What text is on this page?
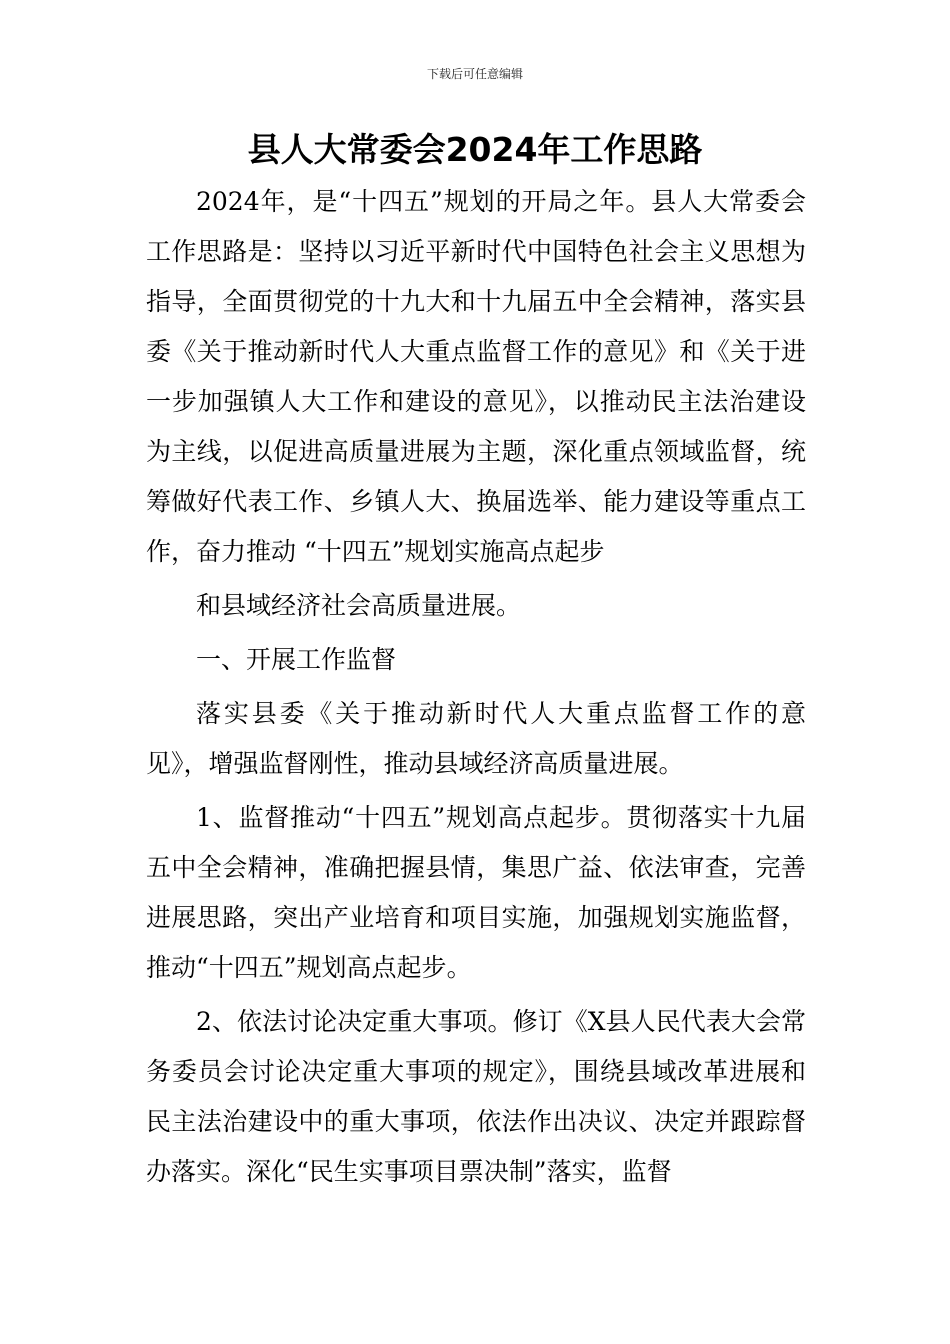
下载后可任意编辑
县人大常委会2024年工作思路

2024年，是“十四五”规划的开局之年。县人大常委会工作思路是：坚持以习近平新时代中国特色社会主义思想为指导，全面贯彻党的十九大和十九届五中全会精神，落实县委《关于推动新时代人大重点监督工作的意见》和《关于进一步加强镇人大工作和建设的意见》，以推动民主法治建设为主线，以促进高质量进展为主题，深化重点领域监督，统筹做好代表工作、乡镇人大、换届选举、能力建设等重点工作，奋力推动 “十四五”规划实施高点起步

和县域经济社会高质量进展。

一、开展工作监督

落实县委《关于推动新时代人大重点监督工作的意见》，增强监督刚性，推动县域经济高质量进展。

1、监督推动“十四五”规划高点起步。贯彻落实十九届五中全会精神，准确把握县情，集思广益、依法审查，完善进展思路，突出产业培育和项目实施，加强规划实施监督，推动“十四五”规划高点起步。

2、依法讨论决定重大事项。修订《X县人民代表大会常务委员会讨论决定重大事项的规定》，围绕县域改革进展和民主法治建设中的重大事项，依法作出决议、决定并跟踪督办落实。深化“民生实事项目票决制”落实，监督
